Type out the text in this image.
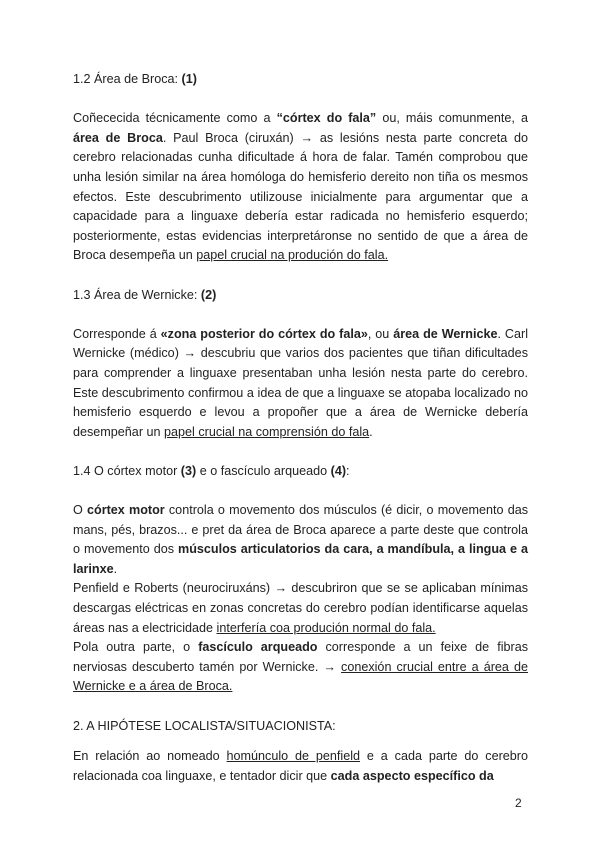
1.2 Área de Broca: (1)

Coñececida técnicamente como a “córtex do fala” ou, máis comunmente, a área de Broca. Paul Broca (ciruxán) → as lesións nesta parte concreta do cerebro relacionadas cunha dificultade á hora de falar. Tamén comprobou que unha lesión similar na área homóloga do hemisferio dereito non tiña os mesmos efectos. Este descubrimento utilizouse inicialmente para argumentar que a capacidade para a linguaxe debería estar radicada no hemisferio esquerdo; posteriormente, estas evidencias interpretáronse no sentido de que a área de Broca desempeña un papel crucial na produción do fala.

1.3 Área de Wernicke: (2)

Corresponde á «zona posterior do córtex do fala», ou área de Wernicke. Carl Wernicke (médico) → descubriu que varios dos pacientes que tiñan dificultades para comprender a linguaxe presentaban unha lesión nesta parte do cerebro. Este descubrimento confirmou a idea de que a linguaxe se atopaba localizado no hemisferio esquerdo e levou a propoñer que a área de Wernicke debería desempeñar un papel crucial na comprensión do fala.

1.4 O córtex motor (3) e o fascículo arqueado (4):

O córtex motor controla o movemento dos músculos (é dicir, o movemento das mans, pés, brazos... e pret da área de Broca aparece a parte deste que controla o movemento dos músculos articulatorios da cara, a mandíbula, a lingua e a larinxe.

Penfield e Roberts (neurociruxáns) → descubriron que se se aplicaban mínimas descargas eléctricas en zonas concretas do cerebro podían identificarse aquelas áreas nas a electricidade interfería coa produción normal do fala.

Pola outra parte, o fascículo arqueado corresponde a un feixe de fibras nerviosas descuberto tamén por Wernicke. → conexión crucial entre a área de Wernicke e a área de Broca.

2. A HIPÓTESE LOCALISTA/SITUACIONISTA:

En relación ao nomeado homúnculo de penfield e a cada parte do cerebro relacionada coa linguaxe, e tentador dicir que cada aspecto específico da

2
